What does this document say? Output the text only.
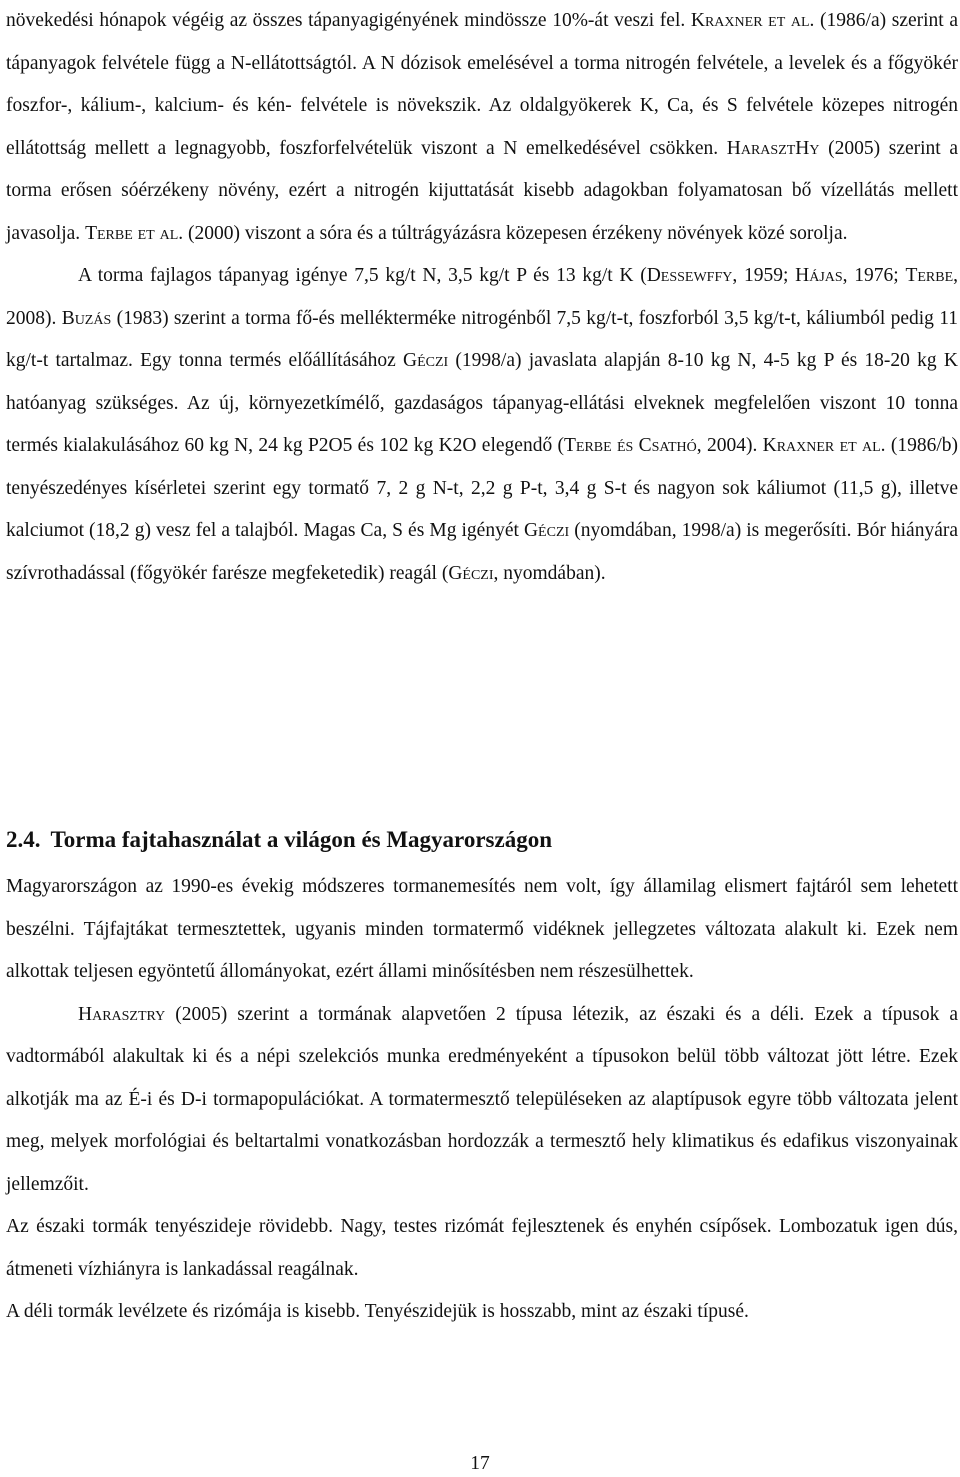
növekedési hónapok végéig az összes tápanyagigényének mindössze 10%-át veszi fel. Kraxner et al. (1986/a) szerint a tápanyagok felvétele függ a N-ellátottságtól. A N dózisok emelésével a torma nitrogén felvétele, a levelek és a főgyökér foszfor-, kálium-, kalcium- és kén- felvétele is növekszik. Az oldalgyökerek K, Ca, és S felvétele közepes nitrogén ellátottság mellett a legnagyobb, foszforfelvételük viszont a N emelkedésével csökken. HarasztHy (2005) szerint a torma erősen sóérzékeny növény, ezért a nitrogén kijuttatását kisebb adagokban folyamatosan bő vízellátás mellett javasolja. Terbe et al. (2000) viszont a sóra és a túltrágyázásra közepesen érzékeny növények közé sorolja.

A torma fajlagos tápanyag igénye 7,5 kg/t N, 3,5 kg/t P és 13 kg/t K (Dessewffy, 1959; Hájas, 1976; Terbe, 2008). Buzás (1983) szerint a torma fő-és mellékterméke nitrogénből 7,5 kg/t-t, foszforból 3,5 kg/t-t, káliumból pedig 11 kg/t-t tartalmaz. Egy tonna termés előállításához Géczi (1998/a) javaslata alapján 8-10 kg N, 4-5 kg P és 18-20 kg K hatóanyag szükséges. Az új, környezetkímélő, gazdaságos tápanyag-ellátási elveknek megfelelően viszont 10 tonna termés kialakulásához 60 kg N, 24 kg P2O5 és 102 kg K2O elegendő (Terbe és Csathó, 2004). Kraxner et al. (1986/b) tenyészedényes kísérletei szerint egy tormatő 7, 2 g N-t, 2,2 g P-t, 3,4 g S-t és nagyon sok káliumot (11,5 g), illetve kalciumot (18,2 g) vesz fel a talajból. Magas Ca, S és Mg igényét Géczi (nyomdában, 1998/a) is megerősíti. Bór hiányára szívrothadással (főgyökér farésze megfeketedik) reagál (Géczi, nyomdában).

2.4. Torma fajtahasználat a világon és Magyarországon

Magyarországon az 1990-es évekig módszeres tormanemesítés nem volt, így államilag elismert fajtáról sem lehetett beszélni. Tájfajtákat termesztettek, ugyanis minden tormatermő vidéknek jellegzetes változata alakult ki. Ezek nem alkottak teljesen egyöntetű állományokat, ezért állami minősítésben nem részesülhettek.

Harasztry (2005) szerint a tormának alapvetően 2 típusa létezik, az északi és a déli. Ezek a típusok a vadtormából alakultak ki és a népi szelekciós munka eredményeként a típusokon belül több változat jött létre. Ezek alkotják ma az É-i és D-i tormapopulációkat. A tormatermesztő településeken az alaptípusok egyre több változata jelent meg, melyek morfológiai és beltartalmi vonatkozásban hordozzák a termesztő hely klimatikus és edafikus viszonyainak jellemzőit.

Az északi tormák tenyészideje rövidebb. Nagy, testes rizómát fejlesztenek és enyhén csípősek. Lombozatuk igen dús, átmeneti vízhiányra is lankadással reagálnak.

A déli tormák levélzete és rizómája is kisebb. Tenyészidejük is hosszabb, mint az északi típusé.

17
